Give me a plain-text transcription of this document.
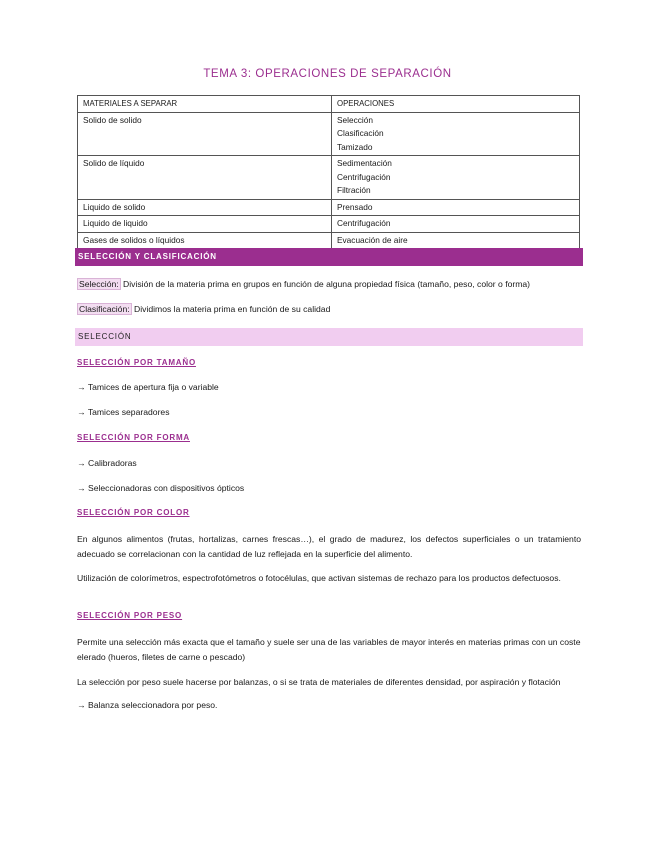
TEMA 3: OPERACIONES DE SEPARACIÓN
MATERIALES A SEPARAR	OPERACIONES
Solido de solido	Selección
Clasificación
Tamizado

Solido de líquido	Sedimentación
Centrifugación
Filtración

Liquido de solido	Prensado
Liquido de liquido	Centrifugación
Gases de solidos o líquidos	Evacuación de aire
SELECCIÓN Y CLASIFICACIÓN
Selección: División de la materia prima en grupos en función de alguna propiedad física (tamaño, peso, color o forma)
Clasificación: Dividimos la materia prima en función de su calidad
SELECCIÓN
SELECCIÓN POR TAMAÑO
→ Tamices de apertura fija o variable
→ Tamices separadores
SELECCIÓN POR FORMA
→ Calibradoras
→ Seleccionadoras con dispositivos ópticos
SELECCIÓN POR COLOR
En algunos alimentos (frutas, hortalizas, carnes frescas…), el grado de madurez, los defectos superficiales o un tratamiento adecuado se correlacionan con la cantidad de luz reflejada en la superficie del alimento.
Utilización de colorímetros, espectrofotómetros o fotocélulas, que activan sistemas de rechazo para los productos defectuosos.
SELECCIÓN POR PESO
Permite una selección más exacta que el tamaño y suele ser una de las variables de mayor interés en materias primas con un coste elerado (hueros, filetes de carne o pescado)
La selección por peso suele hacerse por balanzas, o si se trata de materiales de diferentes densidad, por aspiración y flotación
→ Balanza seleccionadora por peso.
